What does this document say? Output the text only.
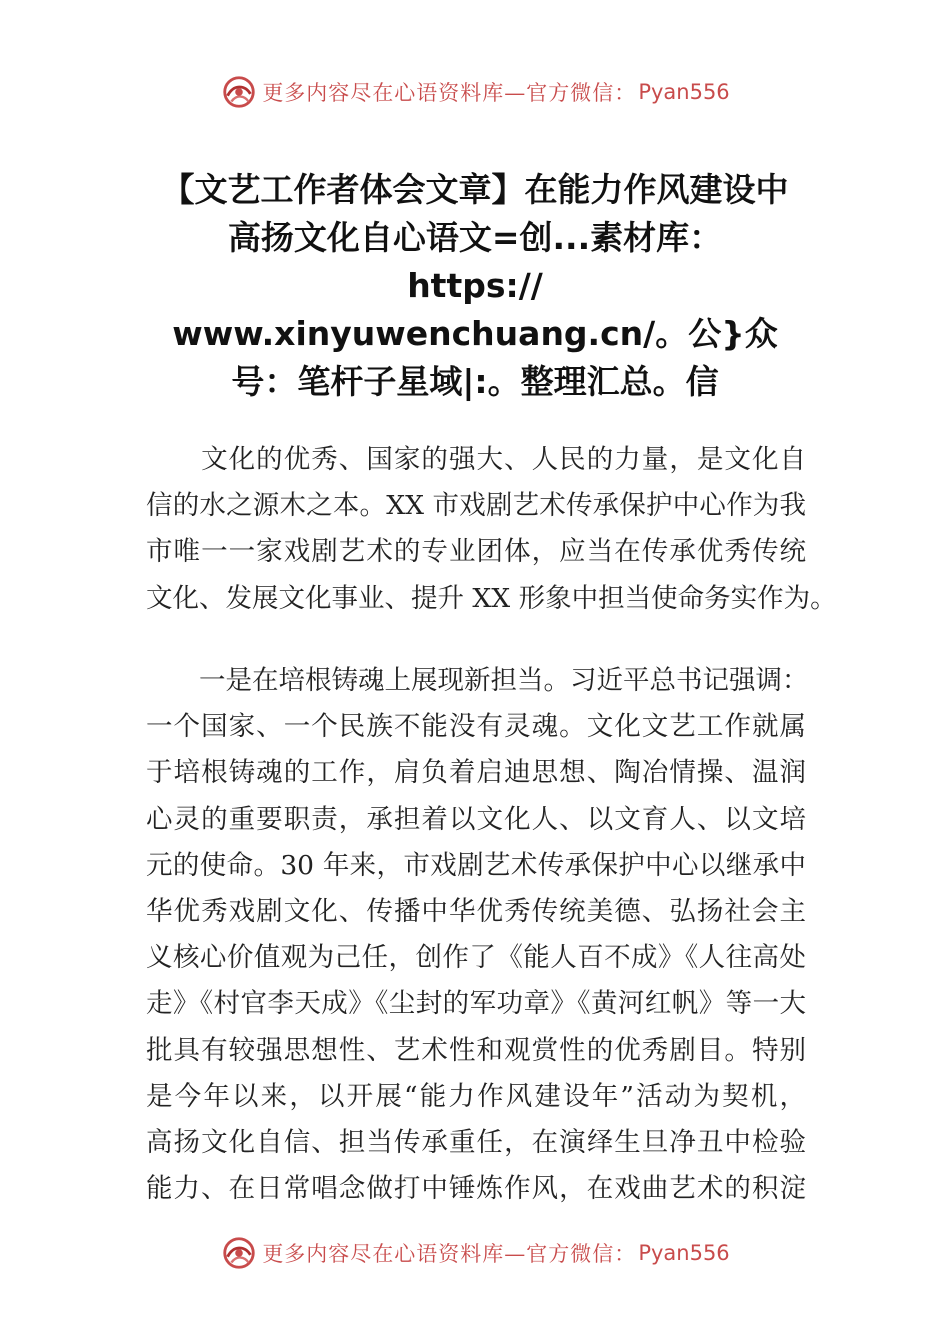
更多内容尽在心语资料库—官方微信： Pyan556
【文艺工作者体会文章】在能力作风建设中
高扬文化自心语文=创...素材库：
https://
www.xinyuwenchuang.cn/。公}众
号：笔杆子星域|:。整理汇总。信
　　文化的优秀、国家的强大、人民的力量，是文化自
信的水之源木之本。XX 市戏剧艺术传承保护中心作为我
市唯一一家戏剧艺术的专业团体，应当在传承优秀传统
文化、发展文化事业、提升 XX 形象中担当使命务实作为。
　　一是在培根铸魂上展现新担当。习近平总书记强调：
一个国家、一个民族不能没有灵魂。文化文艺工作就属
于培根铸魂的工作，肩负着启迪思想、陶冶情操、温润
心灵的重要职责，承担着以文化人、以文育人、以文培
元的使命。30 年来，市戏剧艺术传承保护中心以继承中
华优秀戏剧文化、传播中华优秀传统美德、弘扬社会主
义核心价值观为己任，创作了《能人百不成》《人往高处
走》《村官李天成》《尘封的军功章》《黄河红帆》等一大
批具有较强思想性、艺术性和观赏性的优秀剧目。特别
是今年以来，以开展“能力作风建设年”活动为契机，
高扬文化自信、担当传承重任，在演绎生旦净丑中检验
能力、在日常唱念做打中锤炼作风，在戏曲艺术的积淀
更多内容尽在心语资料库—官方微信： Pyan556
